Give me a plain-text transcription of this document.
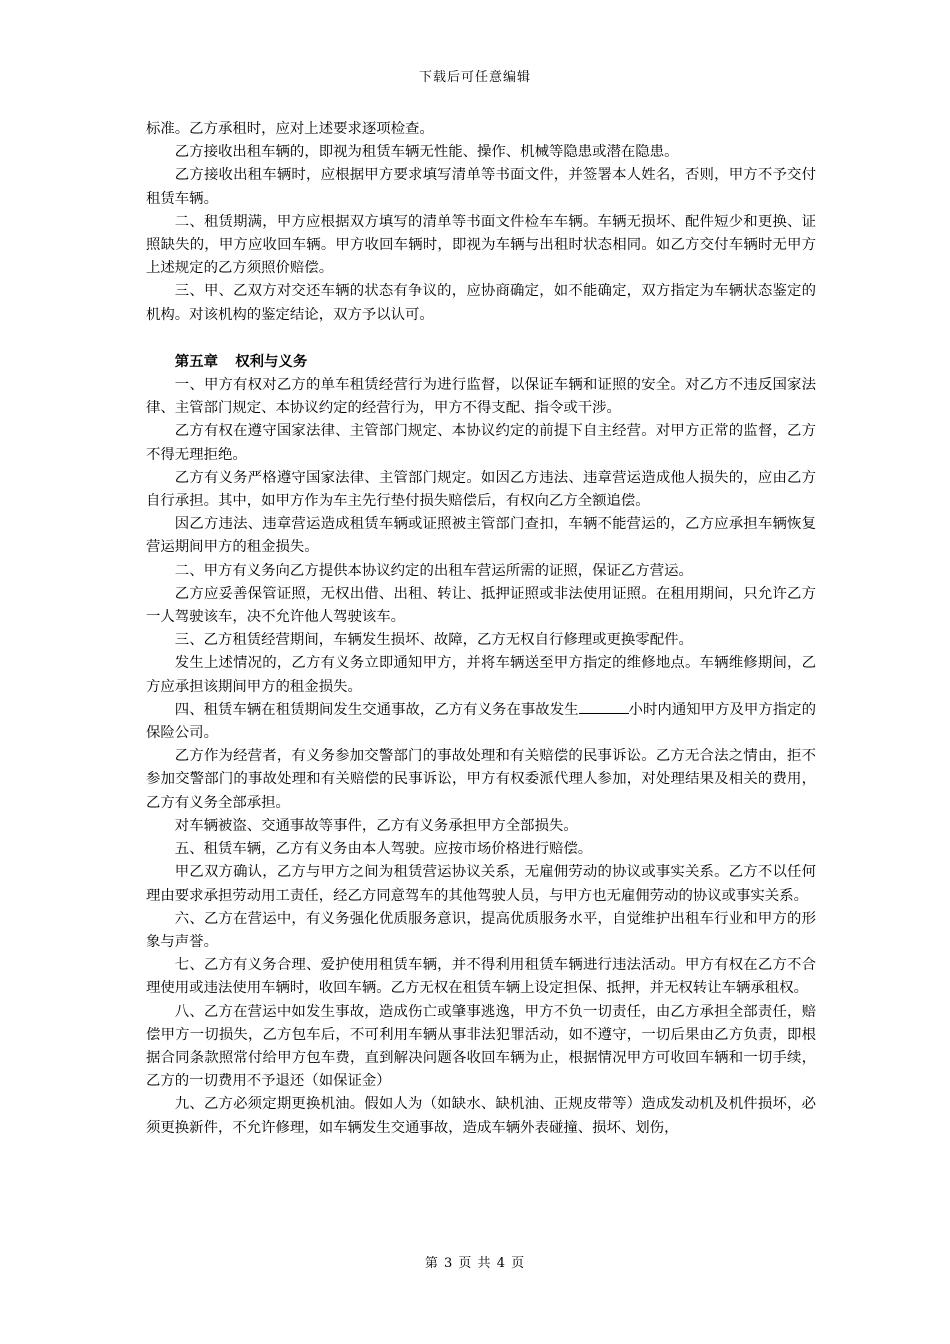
下载后可任意编辑

标准。乙方承租时，应对上述要求逐项检查。

乙方接收出租车辆的，即视为租赁车辆无性能、操作、机械等隐患或潜在隐患。

乙方接收出租车辆时，应根据甲方要求填写清单等书面文件，并签署本人姓名，否则，甲方不予交付租赁车辆。

二、租赁期满，甲方应根据双方填写的清单等书面文件检车车辆。车辆无损坏、配件短少和更换、证照缺失的，甲方应收回车辆。甲方收回车辆时，即视为车辆与出租时状态相同。如乙方交付车辆时无甲方上述规定的乙方须照价赔偿。

三、甲、乙双方对交还车辆的状态有争议的，应协商确定，如不能确定，双方指定为车辆状态鉴定的机构。对该机构的鉴定结论，双方予以认可。

第五章 权利与义务

一、甲方有权对乙方的单车租赁经营行为进行监督，以保证车辆和证照的安全。对乙方不违反国家法律、主管部门规定、本协议约定的经营行为，甲方不得支配、指令或干涉。

乙方有权在遵守国家法律、主管部门规定、本协议约定的前提下自主经营。对甲方正常的监督，乙方不得无理拒绝。

乙方有义务严格遵守国家法律、主管部门规定。如因乙方违法、违章营运造成他人损失的，应由乙方自行承担。其中，如甲方作为车主先行垫付损失赔偿后，有权向乙方全额追偿。

因乙方违法、违章营运造成租赁车辆或证照被主管部门查扣，车辆不能营运的，乙方应承担车辆恢复营运期间甲方的租金损失。

二、甲方有义务向乙方提供本协议约定的出租车营运所需的证照，保证乙方营运。

乙方应妥善保管证照，无权出借、出租、转让、抵押证照或非法使用证照。在租用期间，只允许乙方一人驾驶该车，决不允许他人驾驶该车。

三、乙方租赁经营期间，车辆发生损坏、故障，乙方无权自行修理或更换零配件。

发生上述情况的，乙方有义务立即通知甲方，并将车辆送至甲方指定的维修地点。车辆维修期间，乙方应承担该期间甲方的租金损失。

四、租赁车辆在租赁期间发生交通事故，乙方有义务在事故发生	小时内通知甲方及甲方指定的保险公司。

乙方作为经营者，有义务参加交警部门的事故处理和有关赔偿的民事诉讼。乙方无合法之情由，拒不参加交警部门的事故处理和有关赔偿的民事诉讼，甲方有权委派代理人参加，对处理结果及相关的费用，乙方有义务全部承担。

对车辆被盗、交通事故等事件，乙方有义务承担甲方全部损失。

五、租赁车辆，乙方有义务由本人驾驶。应按市场价格进行赔偿。

甲乙双方确认，乙方与甲方之间为租赁营运协议关系，无雇佣劳动的协议或事实关系。乙方不以任何理由要求承担劳动用工责任，经乙方同意驾车的其他驾驶人员，与甲方也无雇佣劳动的协议或事实关系。

六、乙方在营运中，有义务强化优质服务意识，提高优质服务水平，自觉维护出租车行业和甲方的形象与声誉。

七、乙方有义务合理、爱护使用租赁车辆，并不得利用租赁车辆进行违法活动。甲方有权在乙方不合理使用或违法使用车辆时，收回车辆。乙方无权在租赁车辆上设定担保、抵押，并无权转让车辆承租权。

八、乙方在营运中如发生事故，造成伤亡或肇事逃逸，甲方不负一切责任，由乙方承担全部责任，赔偿甲方一切损失，乙方包车后，不可利用车辆从事非法犯罪活动，如不遵守，一切后果由乙方负责，即根据合同条款照常付给甲方包车费，直到解决问题各收回车辆为止，根据情况甲方可收回车辆和一切手续，乙方的一切费用不予退还（如保证金）

九、乙方必须定期更换机油。假如人为（如缺水、缺机油、正规皮带等）造成发动机及机件损坏，必须更换新件，不允许修理，如车辆发生交通事故，造成车辆外表碰撞、损坏、划伤，

第 3 页 共 4 页
